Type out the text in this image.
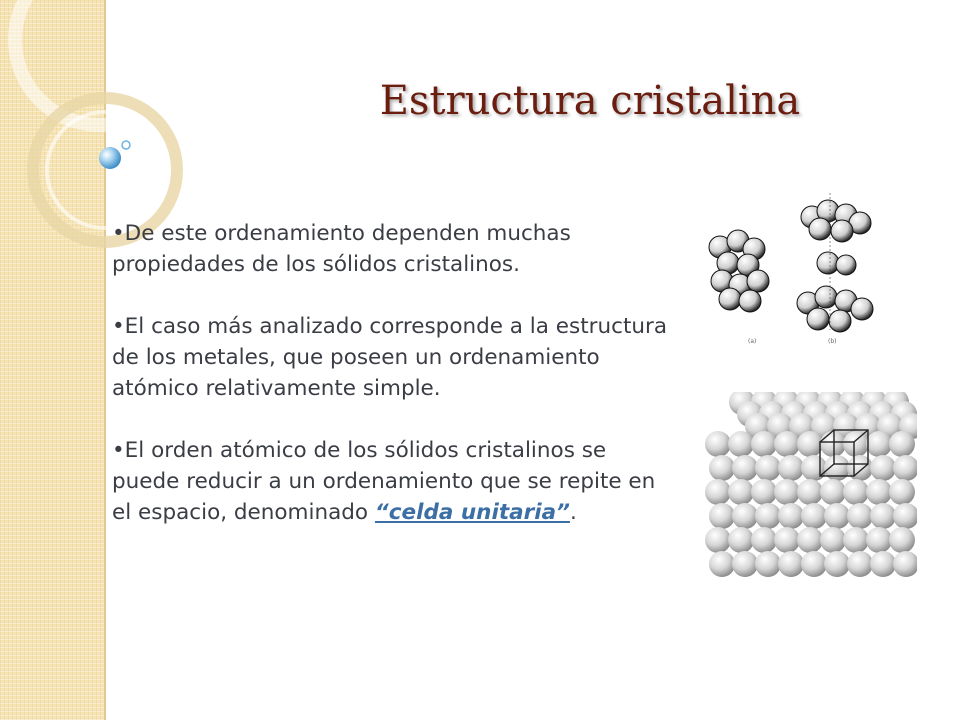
Estructura cristalina

•De este ordenamiento dependen muchas propiedades de los sólidos cristalinos.

•El caso más analizado corresponde a la estructura de los metales, que poseen un ordenamiento atómico relativamente simple.

•El orden atómico de los sólidos cristalinos se puede reducir a un ordenamiento que se repite en el espacio, denominado “celda unitaria”.

(a)	(b)
